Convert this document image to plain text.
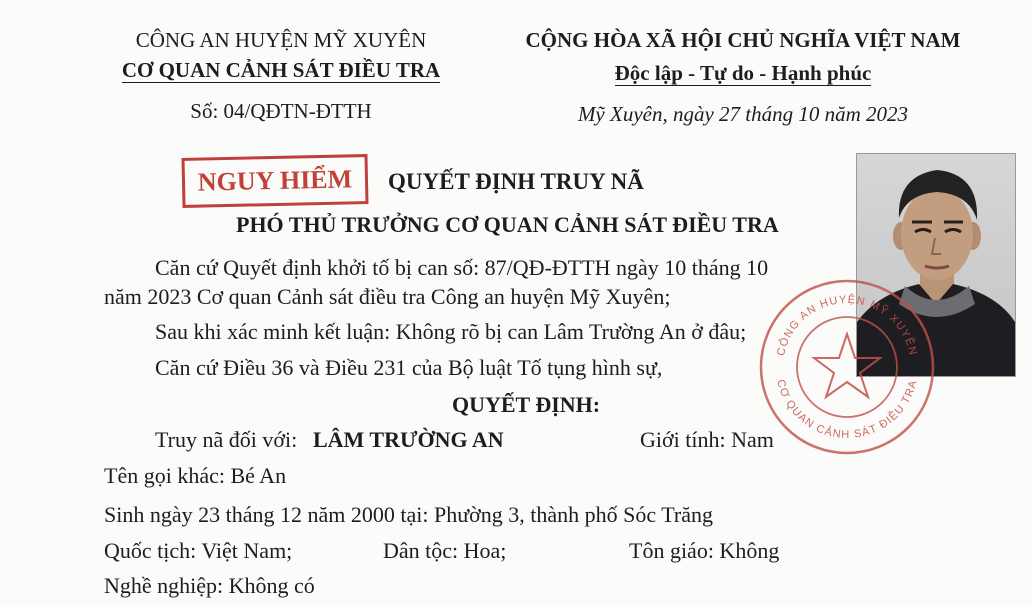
CÔNG AN HUYỆN MỸ XUYÊN
CƠ QUAN CẢNH SÁT ĐIỀU TRA
Số: 04/QĐTN-ĐTTH
CỘNG HÒA XÃ HỘI CHỦ NGHĨA VIỆT NAM
Độc lập - Tự do - Hạnh phúc
Mỹ Xuyên, ngày 27 tháng 10 năm 2023
NGUY HIỂM QUYẾT ĐỊNH TRUY NÃ
PHÓ THỦ TRƯỞNG CƠ QUAN CẢNH SÁT ĐIỀU TRA
Căn cứ Quyết định khởi tố bị can số: 87/QĐ-ĐTTH ngày 10 tháng 10
năm 2023 Cơ quan Cảnh sát điều tra Công an huyện Mỹ Xuyên;
Sau khi xác minh kết luận: Không rõ bị can Lâm Trường An ở đâu;
Căn cứ Điều 36 và Điều 231 của Bộ luật Tố tụng hình sự,
QUYẾT ĐỊNH:
Truy nã đối với: LÂM TRƯỜNG AN	Giới tính: Nam
Tên gọi khác: Bé An
Sinh ngày 23 tháng 12 năm 2000 tại: Phường 3, thành phố Sóc Trăng
Quốc tịch: Việt Nam;	Dân tộc: Hoa;	Tôn giáo: Không
Nghề nghiệp: Không có
CÔNG AN HUYỆN MỸ XUYÊN
CƠ QUAN CẢNH SÁT ĐIỀU TRA
